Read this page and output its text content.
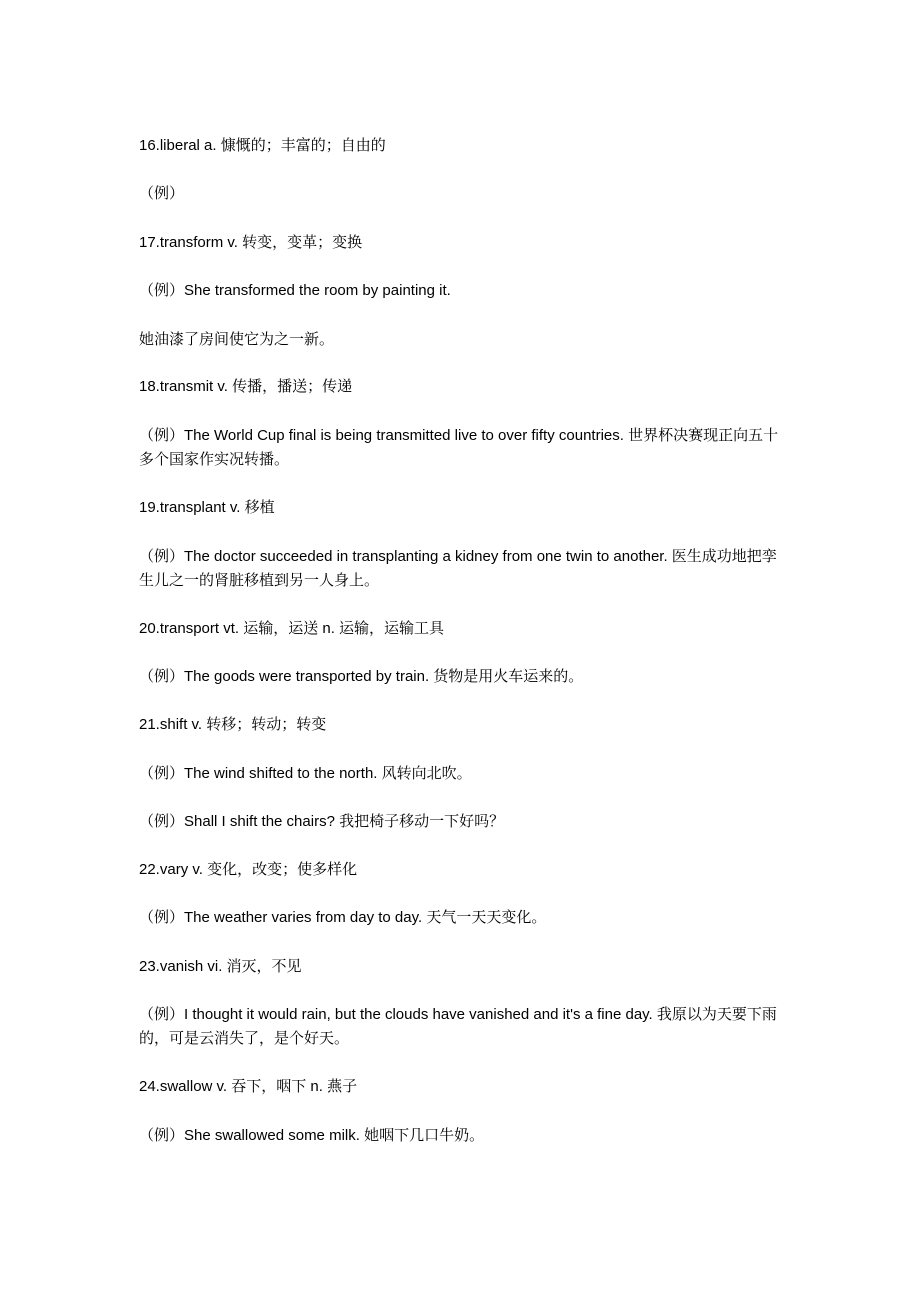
16.liberal a. 慷慨的；丰富的；自由的

（例）

17.transform v. 转变，变革；变换

（例）She transformed the room by painting it.

她油漆了房间使它为之一新。

18.transmit v. 传播，播送；传递

（例）The World Cup final is being transmitted live to over fifty countries. 世界杯决赛现正向五十多个国家作实况转播。

19.transplant v. 移植

（例）The doctor succeeded in transplanting a kidney from one twin to another. 医生成功地把孪生儿之一的肾脏移植到另一人身上。

20.transport vt. 运输，运送 n. 运输，运输工具

（例）The goods were transported by train. 货物是用火车运来的。

21.shift v. 转移；转动；转变

（例）The wind shifted to the north. 风转向北吹。

（例）Shall I shift the chairs? 我把椅子移动一下好吗？

22.vary v. 变化，改变；使多样化

（例）The weather varies from day to day. 天气一天天变化。

23.vanish vi. 消灭，不见

（例）I thought it would rain, but the clouds have vanished and it's a fine day. 我原以为天要下雨的，可是云消失了，是个好天。

24.swallow v. 吞下，咽下 n. 燕子

（例）She swallowed some milk. 她咽下几口牛奶。
